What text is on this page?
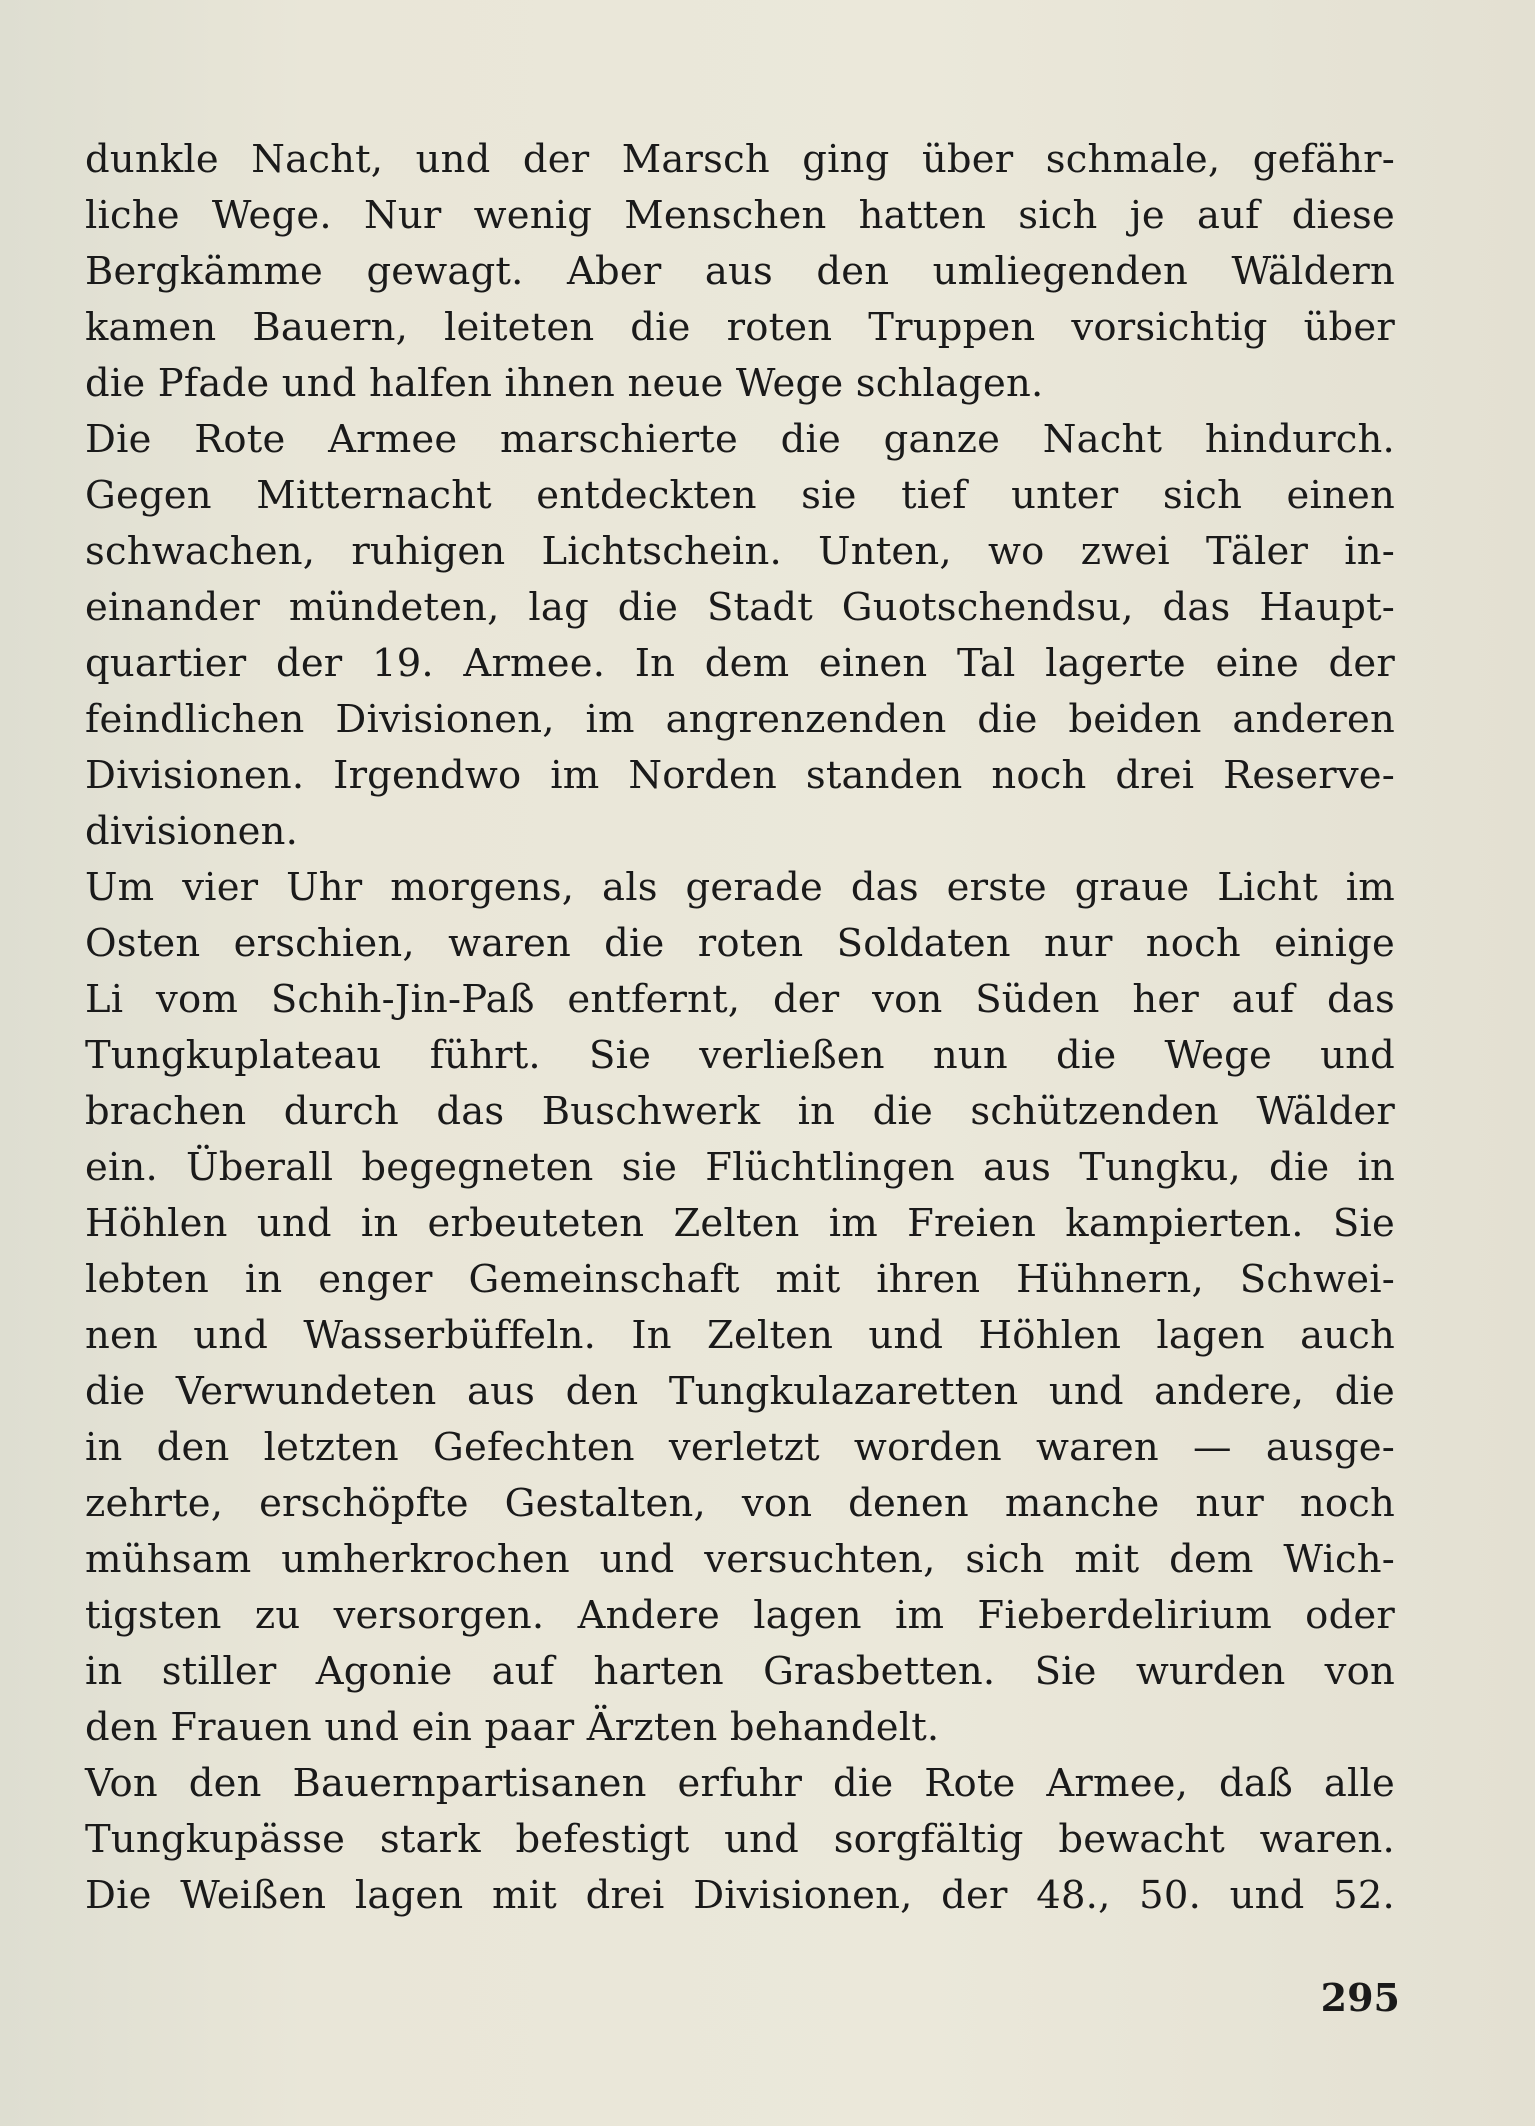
dunkle Nacht, und der Marsch ging über schmale, gefähr-
liche Wege. Nur wenig Menschen hatten sich je auf diese
Bergkämme gewagt. Aber aus den umliegenden Wäldern
kamen Bauern, leiteten die roten Truppen vorsichtig über
die Pfade und halfen ihnen neue Wege schlagen.
Die Rote Armee marschierte die ganze Nacht hindurch.
Gegen Mitternacht entdeckten sie tief unter sich einen
schwachen, ruhigen Lichtschein. Unten, wo zwei Täler in-
einander mündeten, lag die Stadt Guotschendsu, das Haupt-
quartier der 19. Armee. In dem einen Tal lagerte eine der
feindlichen Divisionen, im angrenzenden die beiden anderen
Divisionen. Irgendwo im Norden standen noch drei Reserve-
divisionen.
Um vier Uhr morgens, als gerade das erste graue Licht im
Osten erschien, waren die roten Soldaten nur noch einige
Li vom Schih-Jin-Paß entfernt, der von Süden her auf das
Tungkuplateau führt. Sie verließen nun die Wege und
brachen durch das Buschwerk in die schützenden Wälder
ein. Überall begegneten sie Flüchtlingen aus Tungku, die in
Höhlen und in erbeuteten Zelten im Freien kampierten. Sie
lebten in enger Gemeinschaft mit ihren Hühnern, Schwei-
nen und Wasserbüffeln. In Zelten und Höhlen lagen auch
die Verwundeten aus den Tungkulazaretten und andere, die
in den letzten Gefechten verletzt worden waren — ausge-
zehrte, erschöpfte Gestalten, von denen manche nur noch
mühsam umherkrochen und versuchten, sich mit dem Wich-
tigsten zu versorgen. Andere lagen im Fieberdelirium oder
in stiller Agonie auf harten Grasbetten. Sie wurden von
den Frauen und ein paar Ärzten behandelt.
Von den Bauernpartisanen erfuhr die Rote Armee, daß alle
Tungkupässe stark befestigt und sorgfältig bewacht waren.
Die Weißen lagen mit drei Divisionen, der 48., 50. und 52.
295
